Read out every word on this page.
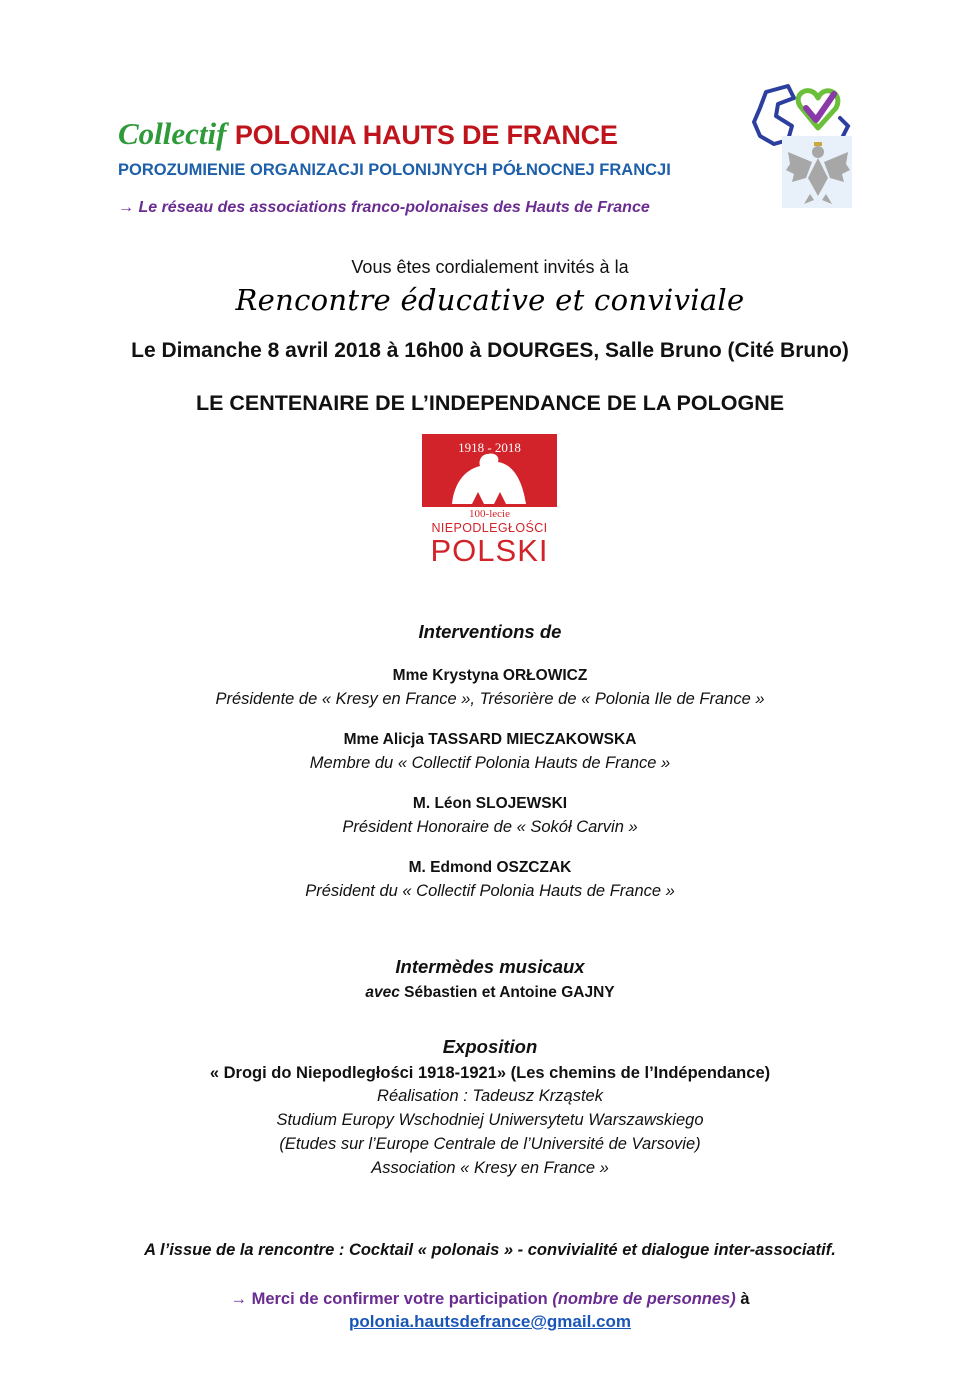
Collectif POLONIA HAUTS DE FRANCE
POROZUMIENIE ORGANIZACJI POLONIJNYCH PÓŁNOCNEJ FRANCJI
→ Le réseau des associations franco-polonaises des Hauts de France
Vous êtes cordialement invités à la
Rencontre éducative et conviviale
Le Dimanche 8 avril 2018 à 16h00 à DOURGES, Salle Bruno (Cité Bruno)
LE CENTENAIRE DE L’INDEPENDANCE DE LA POLOGNE
1918 - 2018
100-lecie
NIEPODLEGŁOŚCI
POLSKI
Interventions de
Mme Krystyna ORŁOWICZ
Présidente de « Kresy en France », Trésorière de « Polonia Ile de France »
Mme Alicja TASSARD MIECZAKOWSKA
Membre du « Collectif Polonia Hauts de France »
M. Léon SLOJEWSKI
Président Honoraire de « Sokół Carvin »
M. Edmond OSZCZAK
Président du « Collectif Polonia Hauts de France »
Intermèdes musicaux
avec Sébastien et Antoine GAJNY
Exposition
« Drogi do Niepodległości 1918-1921» (Les chemins de l’Indépendance)
Réalisation : Tadeusz Krząstek
Studium Europy Wschodniej Uniwersytetu Warszawskiego
(Etudes sur l’Europe Centrale de l’Université de Varsovie)
Association « Kresy en France »
A l’issue de la rencontre : Cocktail « polonais » - convivialité et dialogue inter-associatif.
→ Merci de confirmer votre participation (nombre de personnes) à
polonia.hautsdefrance@gmail.com
